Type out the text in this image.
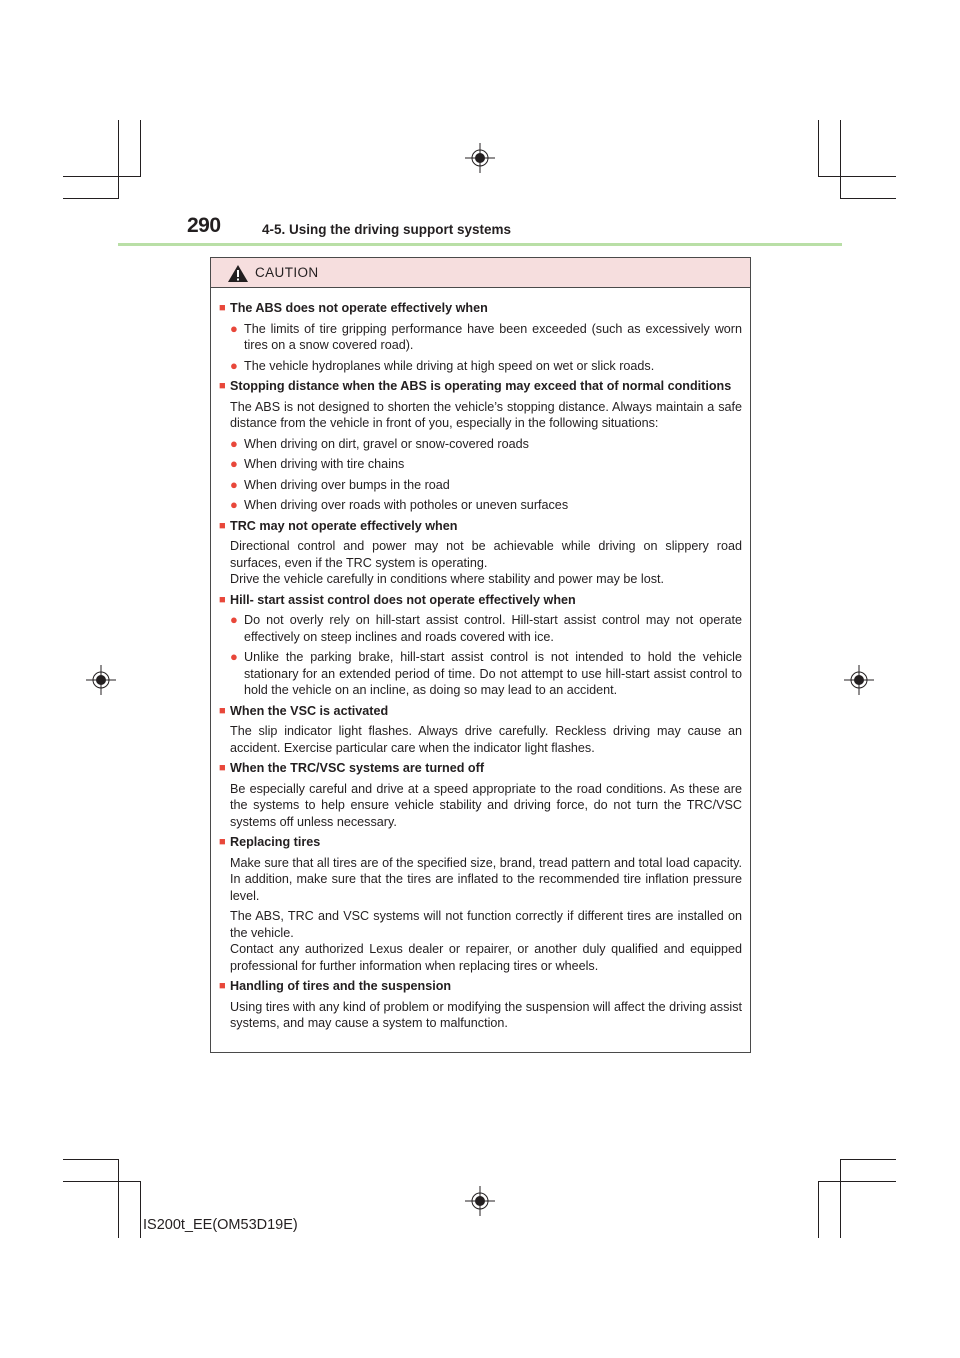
290	4-5. Using the driving support systems
CAUTION
■ The ABS does not operate effectively when
● The limits of tire gripping performance have been exceeded (such as excessively worn tires on a snow covered road).
● The vehicle hydroplanes while driving at high speed on wet or slick roads.
■ Stopping distance when the ABS is operating may exceed that of normal conditions
The ABS is not designed to shorten the vehicle’s stopping distance. Always maintain a safe distance from the vehicle in front of you, especially in the following situations:
● When driving on dirt, gravel or snow-covered roads
● When driving with tire chains
● When driving over bumps in the road
● When driving over roads with potholes or uneven surfaces
■ TRC may not operate effectively when
Directional control and power may not be achievable while driving on slippery road surfaces, even if the TRC system is operating.
Drive the vehicle carefully in conditions where stability and power may be lost.
■ Hill- start assist control does not operate effectively when
● Do not overly rely on hill-start assist control. Hill-start assist control may not operate effectively on steep inclines and roads covered with ice.
● Unlike the parking brake, hill-start assist control is not intended to hold the vehicle stationary for an extended period of time. Do not attempt to use hill-start assist control to hold the vehicle on an incline, as doing so may lead to an accident.
■ When the VSC is activated
The slip indicator light flashes. Always drive carefully. Reckless driving may cause an accident. Exercise particular care when the indicator light flashes.
■ When the TRC/VSC systems are turned off
Be especially careful and drive at a speed appropriate to the road conditions. As these are the systems to help ensure vehicle stability and driving force, do not turn the TRC/VSC systems off unless necessary.
■ Replacing tires
Make sure that all tires are of the specified size, brand, tread pattern and total load capacity. In addition, make sure that the tires are inflated to the recommended tire inflation pressure level.
The ABS, TRC and VSC systems will not function correctly if different tires are installed on the vehicle.
Contact any authorized Lexus dealer or repairer, or another duly qualified and equipped professional for further information when replacing tires or wheels.
■ Handling of tires and the suspension
Using tires with any kind of problem or modifying the suspension will affect the driving assist systems, and may cause a system to malfunction.
IS200t_EE(OM53D19E)
